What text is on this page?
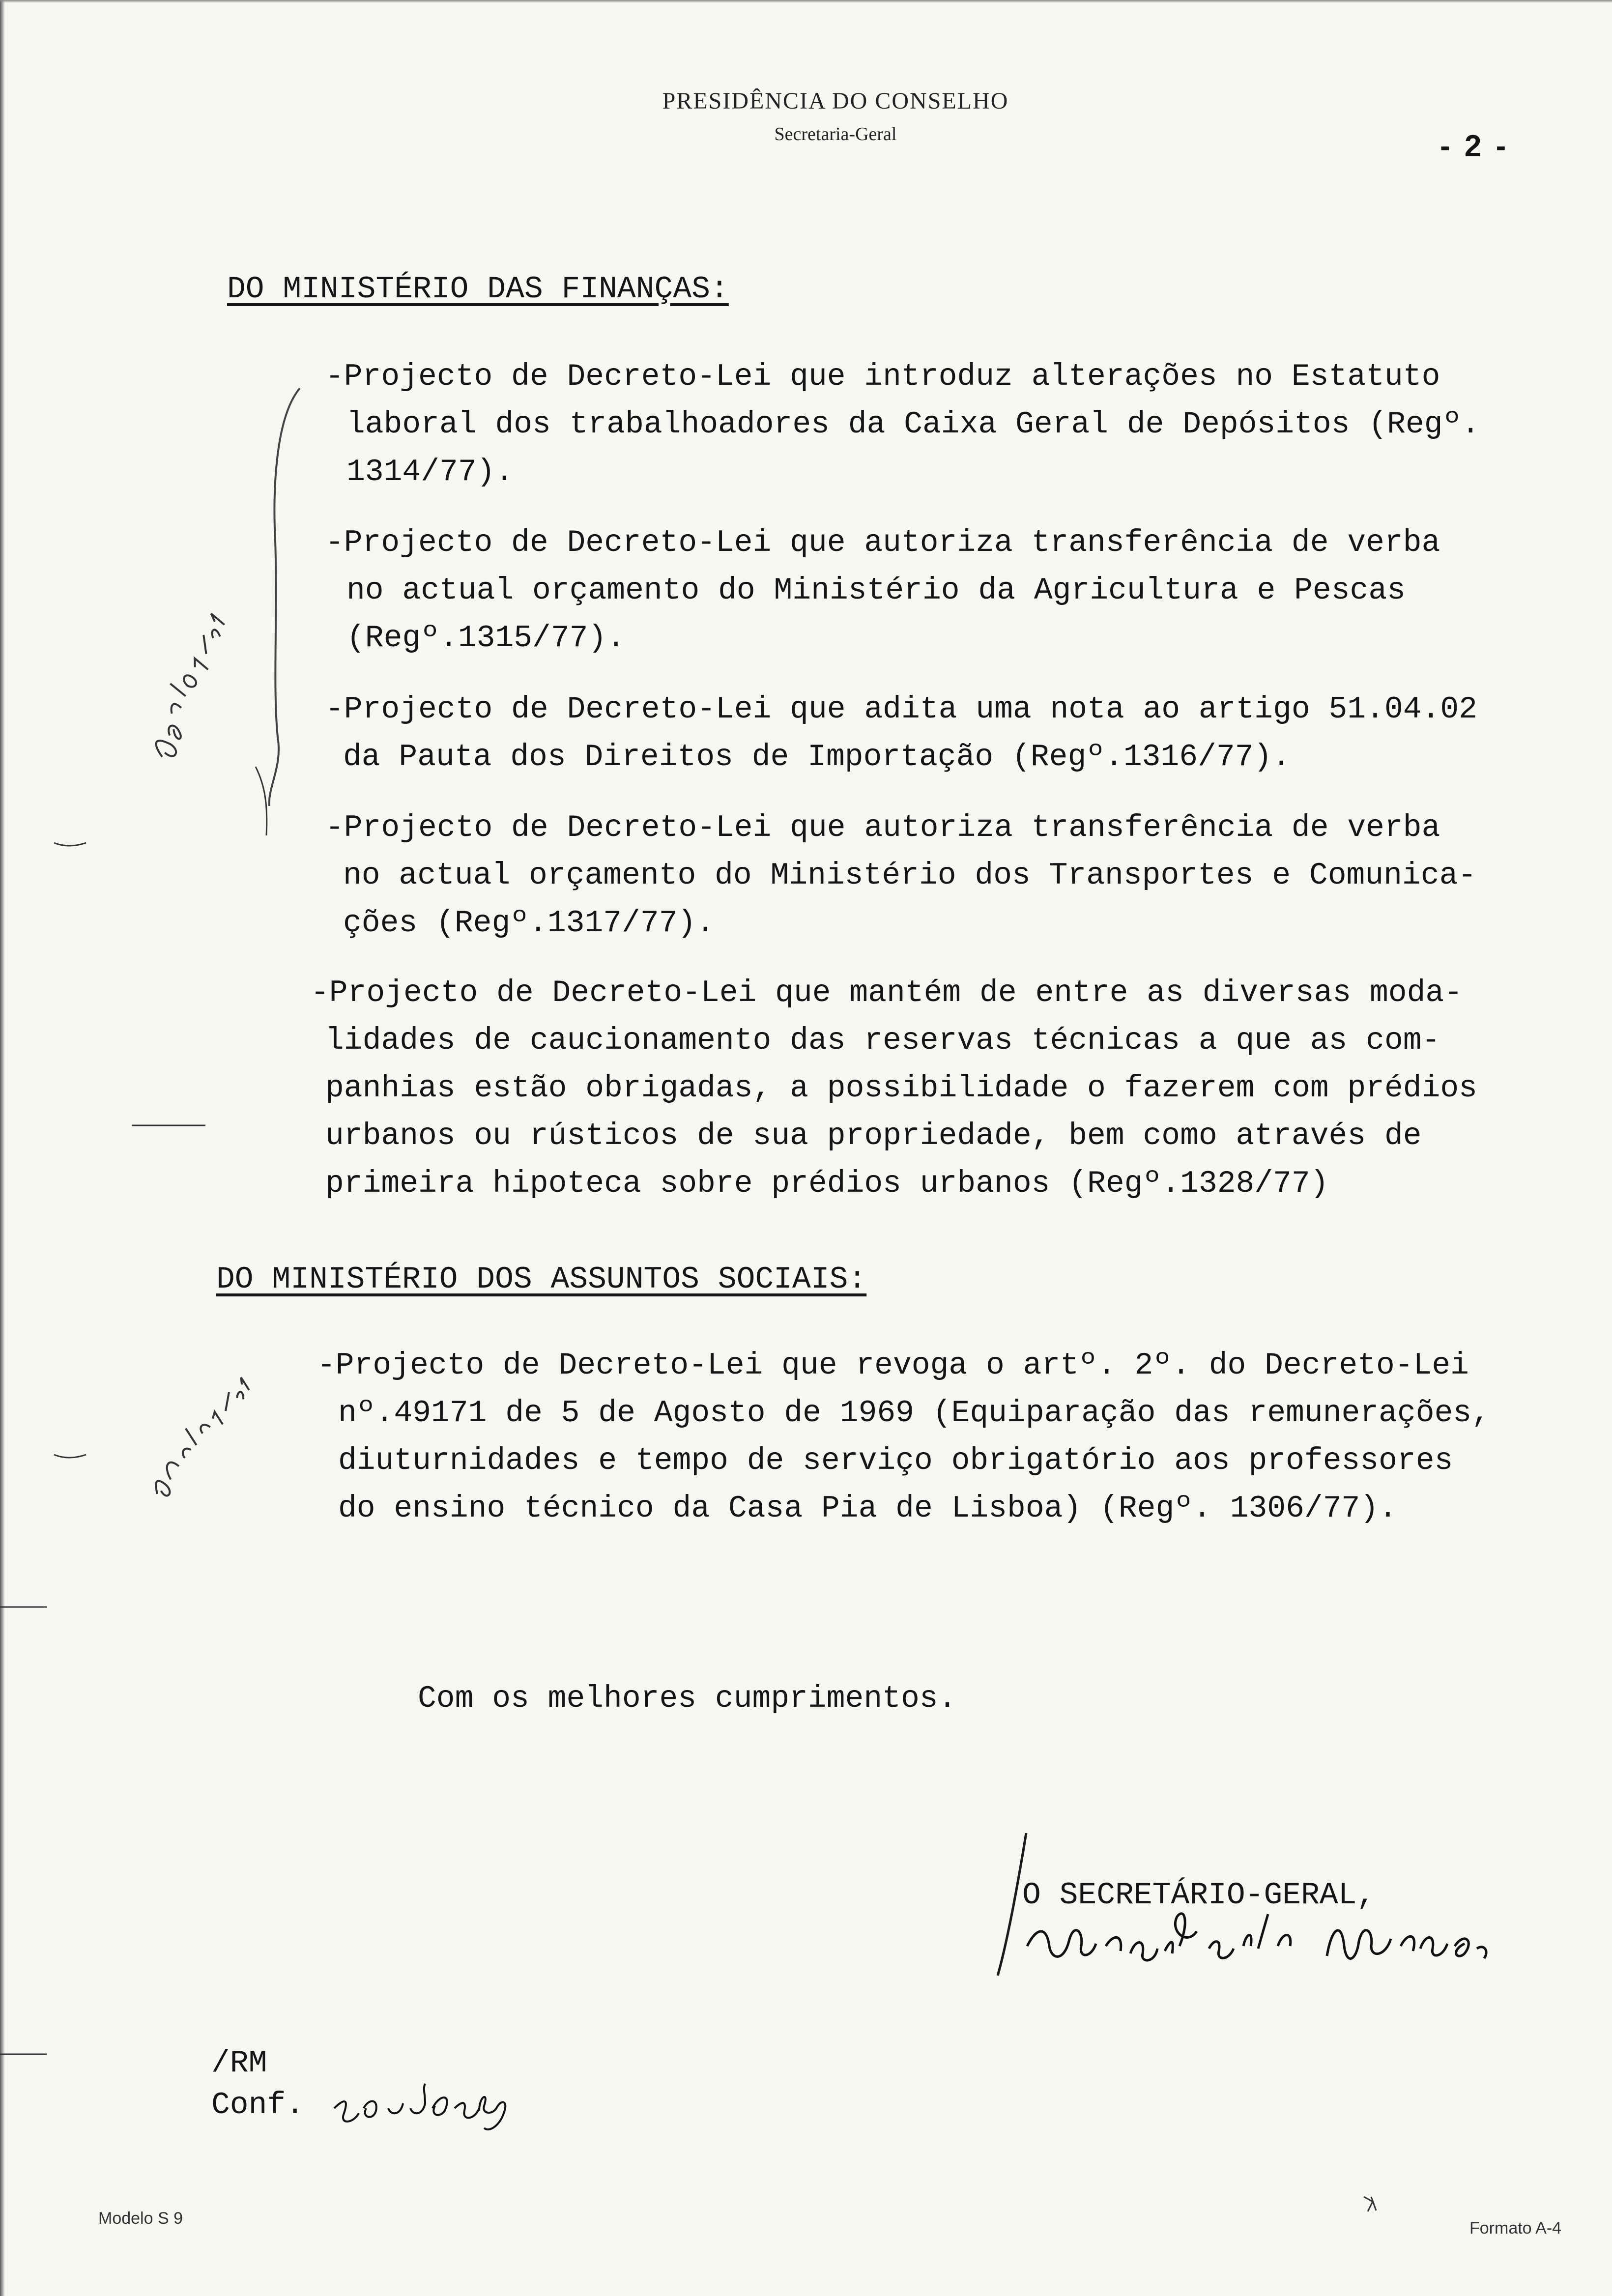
PRESIDÊNCIA DO CONSELHO
Secretaria-Geral	- 2 -
DO MINISTÉRIO DAS FINANÇAS:
-Projecto de Decreto-Lei que introduz alterações no Estatuto
laboral dos trabalhoadores da Caixa Geral de Depósitos (Regº.
1314/77).
-Projecto de Decreto-Lei que autoriza transferência de verba
no actual orçamento do Ministério da Agricultura e Pescas
(Regº.1315/77).
-Projecto de Decreto-Lei que adita uma nota ao artigo 51.04.02
da Pauta dos Direitos de Importação (Regº.1316/77).
-Projecto de Decreto-Lei que autoriza transferência de verba
no actual orçamento do Ministério dos Transportes e Comunica-
ções (Regº.1317/77).
-Projecto de Decreto-Lei que mantém de entre as diversas moda-
lidades de caucionamento das reservas técnicas a que as com-
panhias estão obrigadas, a possibilidade o fazerem com prédios
urbanos ou rústicos de sua propriedade, bem como através de
primeira hipoteca sobre prédios urbanos (Regº.1328/77)
DO MINISTÉRIO DOS ASSUNTOS SOCIAIS:
-Projecto de Decreto-Lei que revoga o artº. 2º. do Decreto-Lei
nº.49171 de 5 de Agosto de 1969 (Equiparação das remunerações,
diuturnidades e tempo de serviço obrigatório aos professores
do ensino técnico da Casa Pia de Lisboa) (Regº. 1306/77).
Com os melhores cumprimentos.
O SECRETÁRIO-GERAL,
/RM
Conf.
Modelo S 9
Formato A-4
